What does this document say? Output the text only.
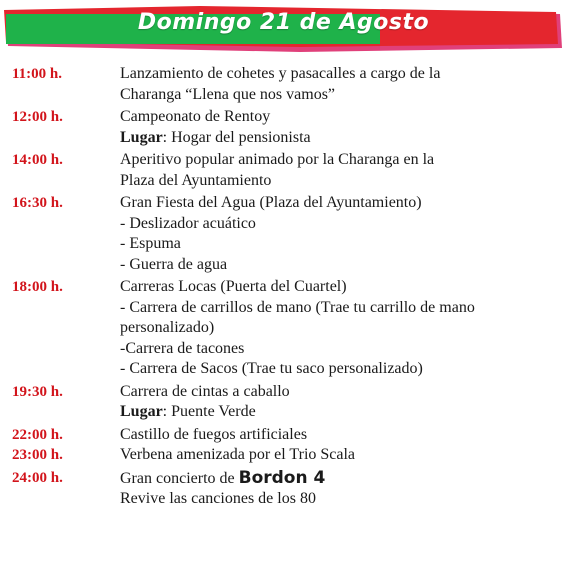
Domingo 21 de Agosto
11:00 h.	Lanzamiento de cohetes y pasacalles a cargo de la
Charanga “Llena que nos vamos”
12:00 h.	Campeonato de Rentoy
Lugar: Hogar del pensionista
14:00 h.	Aperitivo popular animado por la Charanga en la
Plaza del Ayuntamiento
16:30 h.	Gran Fiesta del Agua (Plaza del Ayuntamiento)
- Deslizador acuático
- Espuma
- Guerra de agua
18:00 h.	Carreras Locas (Puerta del Cuartel)
- Carrera de carrillos de mano (Trae tu carrillo de mano
personalizado)
-Carrera de tacones
- Carrera de Sacos (Trae tu saco personalizado)
19:30 h.	Carrera de cintas a caballo
Lugar: Puente Verde
22:00 h.	Castillo de fuegos artificiales
23:00 h.	Verbena amenizada por el Trio Scala
24:00 h.	Gran concierto de Bordon 4
Revive las canciones de los 80
